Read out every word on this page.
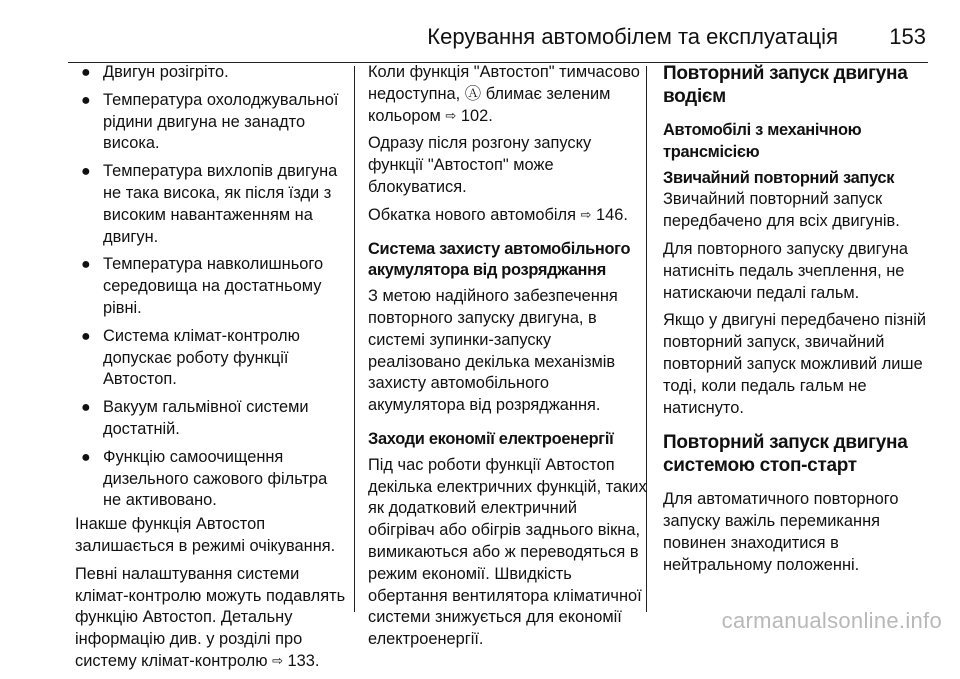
Керування автомобілем та експлуатація 153
● Двигун розігріто.
● Температура охолоджувальної рідини двигуна не занадто висока.
● Температура вихлопів двигуна не така висока, як після їзди з високим навантаженням на двигун.
● Температура навколишнього середовища на достатньому рівні.
● Система клімат-контролю допускає роботу функції Автостоп.
● Вакуум гальмівної системи достатній.
● Функцію самоочищення дизельного сажового фільтра не активовано.

Інакше функція Автостоп залишається в режимі очікування.

Певні налаштування системи клімат-контролю можуть подавлять функцію Автостоп. Детальну інформацію див. у розділі про систему клімат-контролю ⇨ 133.

Коли функція "Автостоп" тимчасово недоступна, Ⓐ блимає зеленим кольором ⇨ 102.

Одразу після розгону запуску функції "Автостоп" може блокуватися.

Обкатка нового автомобіля ⇨ 146.

Система захисту автомобільного акумулятора від розряджання

З метою надійного забезпечення повторного запуску двигуна, в системі зупинки-запуску реалізовано декілька механізмів захисту автомобільного акумулятора від розряджання.

Заходи економії електроенергії

Під час роботи функції Автостоп декілька електричних функцій, таких як додатковий електричний обігрівач або обігрів заднього вікна, вимикаються або ж переводяться в режим економії. Швидкість обертання вентилятора кліматичної системи знижується для економії електроенергії.

Повторний запуск двигуна водієм
Автомобілі з механічною трансмісією
Звичайний повторний запуск

Звичайний повторний запуск передбачено для всіх двигунів.

Для повторного запуску двигуна натисніть педаль зчеплення, не натискаючи педалі гальм.

Якщо у двигуні передбачено пізній повторний запуск, звичайний повторний запуск можливий лише тоді, коли педаль гальм не натиснуто.

Повторний запуск двигуна системою стоп-старт

Для автоматичного повторного запуску важіль перемикання повинен знаходитися в нейтральному положенні.

carmanualsonline.info
